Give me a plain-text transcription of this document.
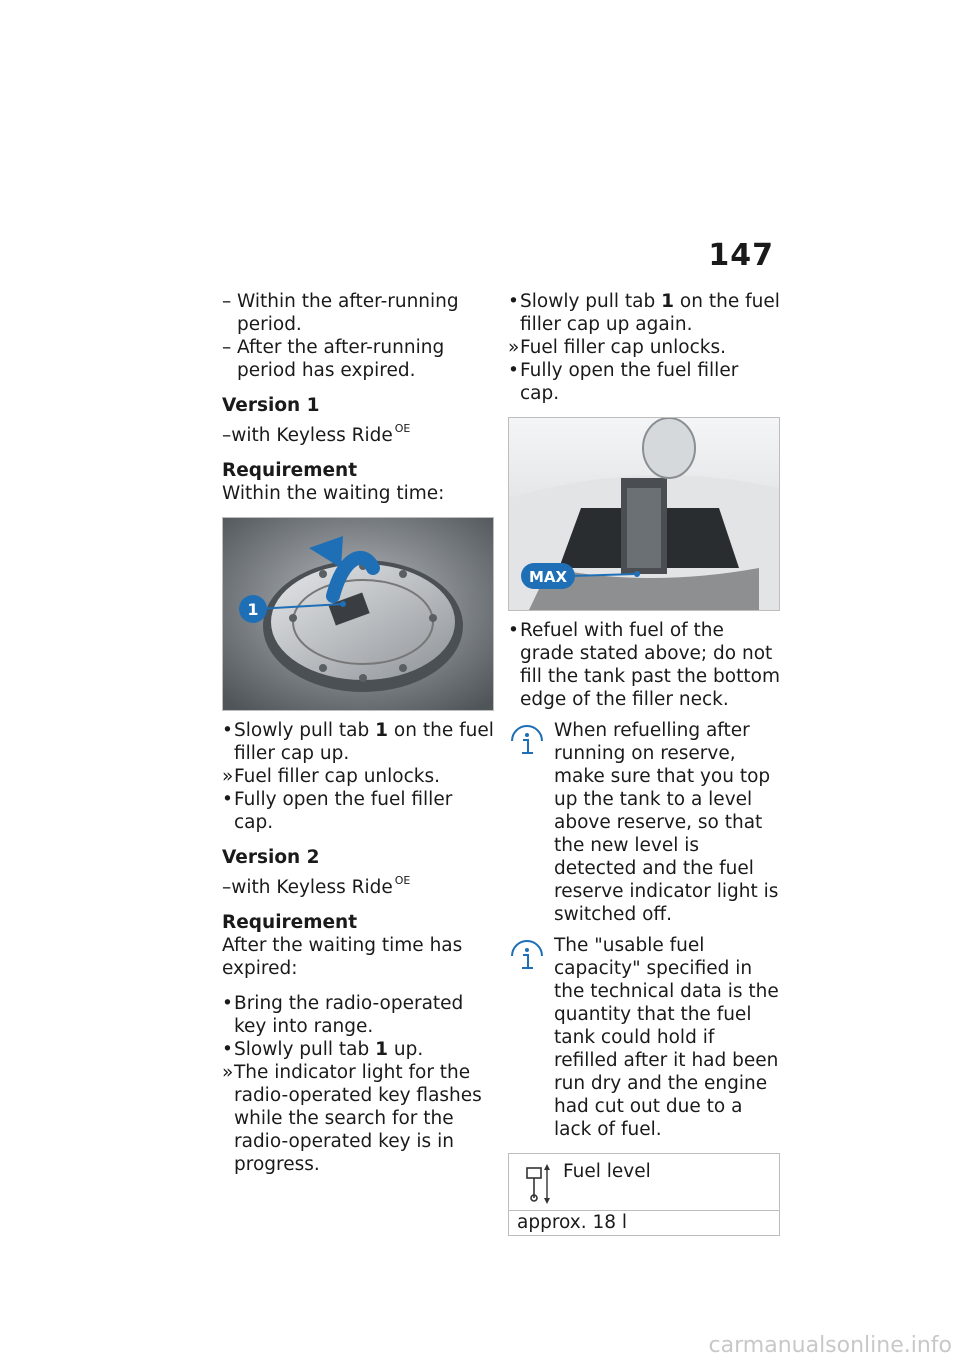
147

– Within the after-running period.

– After the after-running period has expired.

Version 1

–with Keyless Ride $^{OE}$

Requirement

Within the waiting time:

1

• Slowly pull tab 1 on the fuel filler cap up.

» Fuel filler cap unlocks.

• Fully open the fuel filler cap.

Version 2

–with Keyless Ride $^{OE}$

Requirement

After the waiting time has expired:

• Bring the radio-operated key into range.

• Slowly pull tab 1 up.

» The indicator light for the radio-operated key flashes while the search for the radio-operated key is in progress.

• Slowly pull tab 1 on the fuel filler cap up again.

» Fuel filler cap unlocks.

• Fully open the fuel filler cap.

MAX

• Refuel with fuel of the grade stated above; do not fill the tank past the bottom edge of the filler neck.

When refuelling after running on reserve, make sure that you top up the tank to a level above reserve, so that the new level is detected and the fuel reserve indicator light is switched off.

The "usable fuel capacity" specified in the technical data is the quantity that the fuel tank could hold if refilled after it had been run dry and the engine had cut out due to a lack of fuel.

Fuel level
approx. 18 l
carmanualsonline.info
